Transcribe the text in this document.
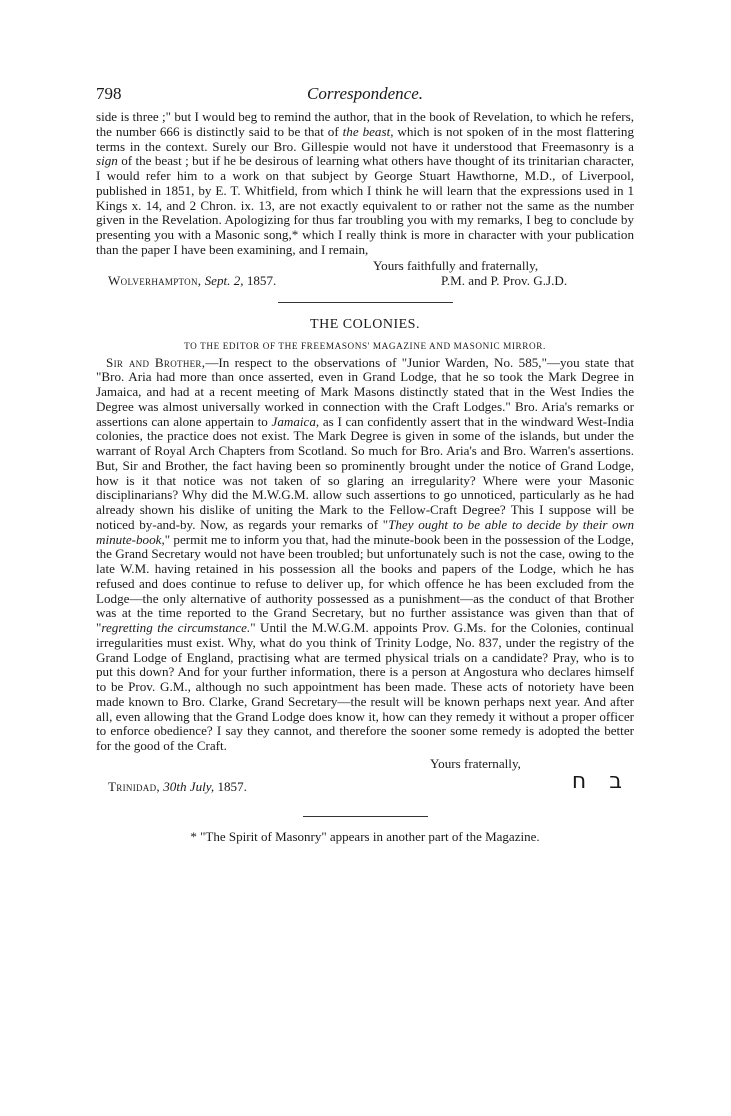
798	Correspondence.

side is three ;" but I would beg to remind the author, that in the book of Revelation, to which he refers, the number 666 is distinctly said to be that of the beast, which is not spoken of in the most flattering terms in the context. Surely our Bro. Gillespie would not have it understood that Freemasonry is a sign of the beast ; but if he be desirous of learning what others have thought of its trinitarian character, I would refer him to a work on that subject by George Stuart Hawthorne, M.D., of Liverpool, published in 1851, by E. T. Whitfield, from which I think he will learn that the expressions used in 1 Kings x. 14, and 2 Chron. ix. 13, are not exactly equivalent to or rather not the same as the number given in the Revelation. Apologizing for thus far troubling you with my remarks, I beg to conclude by presenting you with a Masonic song,* which I really think is more in character with your publication than the paper I have been examining, and I remain,

Yours faithfully and fraternally,
Wolverhampton, Sept. 2, 1857.	P.M. and P. Prov. G.J.D.
THE COLONIES.
TO THE EDITOR OF THE FREEMASONS' MAGAZINE AND MASONIC MIRROR.

Sir and Brother,—In respect to the observations of "Junior Warden, No. 585,"—you state that "Bro. Aria had more than once asserted, even in Grand Lodge, that he so took the Mark Degree in Jamaica, and had at a recent meeting of Mark Masons distinctly stated that in the West Indies the Degree was almost universally worked in connection with the Craft Lodges." Bro. Aria's remarks or assertions can alone appertain to Jamaica, as I can confidently assert that in the windward West-India colonies, the practice does not exist. The Mark Degree is given in some of the islands, but under the warrant of Royal Arch Chapters from Scotland. So much for Bro. Aria's and Bro. Warren's assertions. But, Sir and Brother, the fact having been so prominently brought under the notice of Grand Lodge, how is it that notice was not taken of so glaring an irregularity? Where were your Masonic disciplinarians? Why did the M.W.G.M. allow such assertions to go unnoticed, particularly as he had already shown his dislike of uniting the Mark to the Fellow-Craft Degree? This I suppose will be noticed by-and-by. Now, as regards your remarks of "They ought to be able to decide by their own minute-book," permit me to inform you that, had the minute-book been in the possession of the Lodge, the Grand Secretary would not have been troubled; but unfortunately such is not the case, owing to the late W.M. having retained in his possession all the books and papers of the Lodge, which he has refused and does continue to refuse to deliver up, for which offence he has been excluded from the Lodge—the only alternative of authority possessed as a punishment—as the conduct of that Brother was at the time reported to the Grand Secretary, but no further assistance was given than that of "regretting the circumstance." Until the M.W.G.M. appoints Prov. G.Ms. for the Colonies, continual irregularities must exist. Why, what do you think of Trinity Lodge, No. 837, under the registry of the Grand Lodge of England, practising what are termed physical trials on a candidate? Pray, who is to put this down? And for your further information, there is a person at Angostura who declares himself to be Prov. G.M., although no such appointment has been made. These acts of notoriety have been made known to Bro. Clarke, Grand Secretary—the result will be known perhaps next year. And after all, even allowing that the Grand Lodge does know it, how can they remedy it without a proper officer to enforce obedience? I say they cannot, and therefore the sooner some remedy is adopted the better for the good of the Craft.

Yours fraternally,
Trinidad, 30th July, 1857.	ב ח
* "The Spirit of Masonry" appears in another part of the Magazine.
